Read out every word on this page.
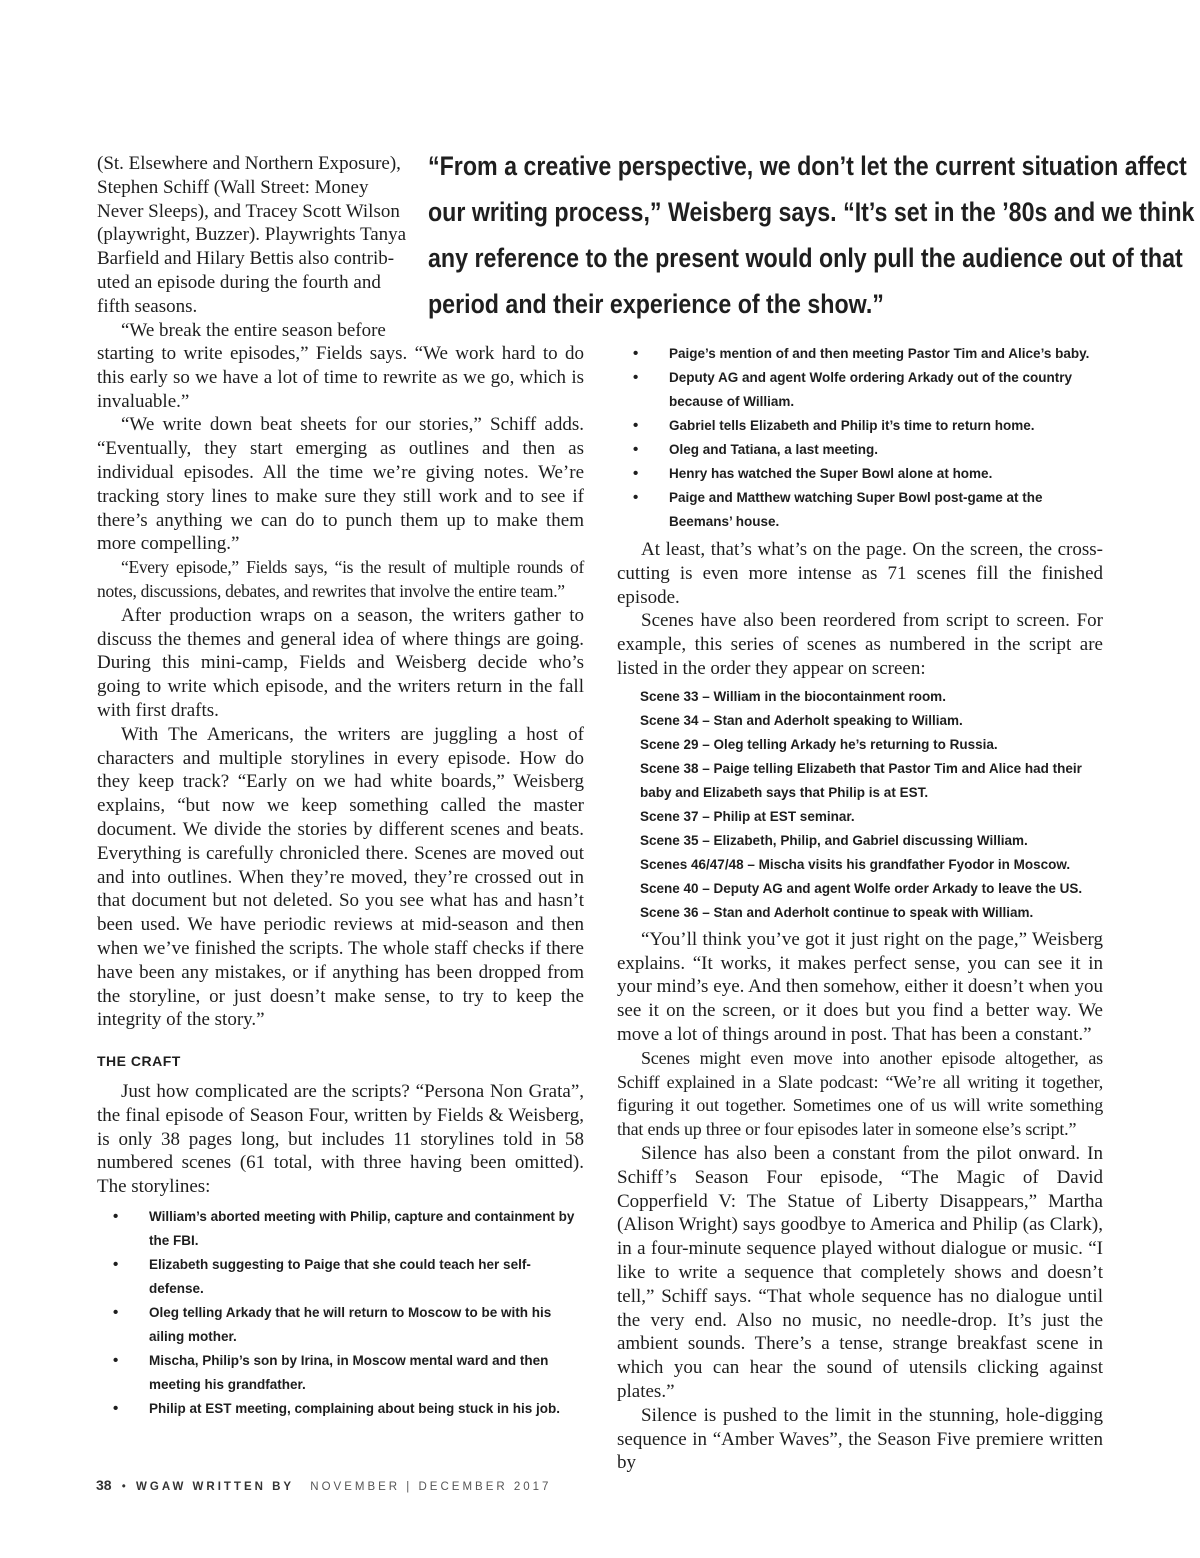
“From a creative perspective, we don’t let the current situation affect
our writing process,” Weisberg says. “It’s set in the ’80s and we think
any reference to the present would only pull the audience out of that
period and their experience of the show.”
(St. Elsewhere and Northern Exposure),
Stephen Schiff (Wall Street: Money
Never Sleeps), and Tracey Scott Wilson
(playwright, Buzzer). Playwrights Tanya
Barfield and Hilary Bettis also contrib-
uted an episode during the fourth and
fifth seasons.
“We break the entire season before

starting to write episodes,” Fields says. “We work hard to do this early so we have a lot of time to rewrite as we go, which is invaluable.”

“We write down beat sheets for our stories,” Schiff adds. “Eventually, they start emerging as outlines and then as individual episodes. All the time we’re giving notes. We’re tracking story lines to make sure they still work and to see if there’s anything we can do to punch them up to make them more compelling.”

“Every episode,” Fields says, “is the result of multiple rounds of notes, discussions, debates, and rewrites that involve the entire team.”

After production wraps on a season, the writers gather to discuss the themes and general idea of where things are going. During this mini-camp, Fields and Weisberg decide who’s going to write which episode, and the writers return in the fall with first drafts.

With The Americans, the writers are juggling a host of characters and multiple storylines in every episode. How do they keep track? “Early on we had white boards,” Weisberg explains, “but now we keep something called the master document. We divide the stories by different scenes and beats. Everything is carefully chronicled there. Scenes are moved out and into outlines. When they’re moved, they’re crossed out in that document but not deleted. So you see what has and hasn’t been used. We have periodic reviews at mid-season and then when we’ve finished the scripts. The whole staff checks if there have been any mistakes, or if anything has been dropped from the storyline, or just doesn’t make sense, to try to keep the integrity of the story.”

THE CRAFT

Just how complicated are the scripts? “Persona Non Grata”, the final episode of Season Four, written by Fields & Weisberg, is only 38 pages long, but includes 11 storylines told in 58 numbered scenes (61 total, with three having been omitted). The storylines:

• William’s aborted meeting with Philip, capture and containment by the FBI.
• Elizabeth suggesting to Paige that she could teach her self-defense.
• Oleg telling Arkady that he will return to Moscow to be with his ailing mother.
• Mischa, Philip’s son by Irina, in Moscow mental ward and then meeting his grandfather.
• Philip at EST meeting, complaining about being stuck in his job.
• Paige’s mention of and then meeting Pastor Tim and Alice’s baby.
• Deputy AG and agent Wolfe ordering Arkady out of the country because of William.
• Gabriel tells Elizabeth and Philip it’s time to return home.
• Oleg and Tatiana, a last meeting.
• Henry has watched the Super Bowl alone at home.
• Paige and Matthew watching Super Bowl post-game at the Beemans’ house.

At least, that’s what’s on the page. On the screen, the cross-cutting is even more intense as 71 scenes fill the finished episode.

Scenes have also been reordered from script to screen. For example, this series of scenes as numbered in the script are listed in the order they appear on screen:

Scene 33 – William in the biocontainment room.
Scene 34 – Stan and Aderholt speaking to William.
Scene 29 – Oleg telling Arkady he’s returning to Russia.
Scene 38 – Paige telling Elizabeth that Pastor Tim and Alice had their baby and Elizabeth says that Philip is at EST.
Scene 37 – Philip at EST seminar.
Scene 35 – Elizabeth, Philip, and Gabriel discussing William.
Scenes 46/47/48 – Mischa visits his grandfather Fyodor in Moscow.
Scene 40 – Deputy AG and agent Wolfe order Arkady to leave the US.
Scene 36 – Stan and Aderholt continue to speak with William.

“You’ll think you’ve got it just right on the page,” Weisberg explains. “It works, it makes perfect sense, you can see it in your mind’s eye. And then somehow, either it doesn’t when you see it on the screen, or it does but you find a better way. We move a lot of things around in post. That has been a constant.”

Scenes might even move into another episode altogether, as Schiff explained in a Slate podcast: “We’re all writing it together, figuring it out together. Sometimes one of us will write something that ends up three or four episodes later in someone else’s script.”

Silence has also been a constant from the pilot onward. In Schiff’s Season Four episode, “The Magic of David Copperfield V: The Statue of Liberty Disappears,” Martha (Alison Wright) says goodbye to America and Philip (as Clark), in a four-minute sequence played without dialogue or music. “I like to write a sequence that completely shows and doesn’t tell,” Schiff says. “That whole sequence has no dialogue until the very end. Also no music, no needle-drop. It’s just the ambient sounds. There’s a tense, strange breakfast scene in which you can hear the sound of utensils clicking against plates.”

Silence is pushed to the limit in the stunning, hole-digging sequence in “Amber Waves”, the Season Five premiere written by

38 • WGAW WRITTEN BY NOVEMBER | DECEMBER 2017
